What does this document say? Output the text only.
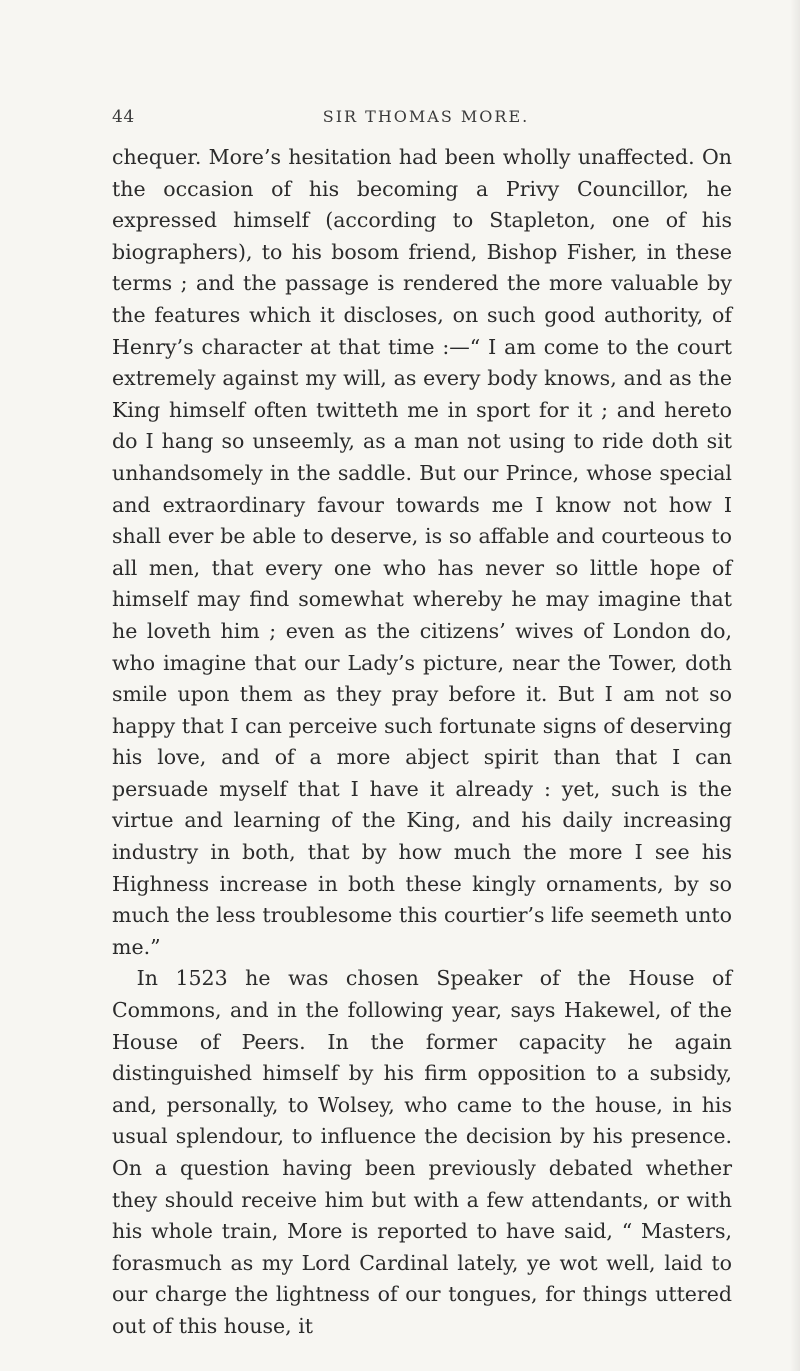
44	SIR THOMAS MORE.

chequer. More’s hesitation had been wholly unaffected. On the occasion of his becoming a Privy Councillor, he expressed himself (according to Stapleton, one of his biographers), to his bosom friend, Bishop Fisher, in these terms ; and the passage is rendered the more valuable by the features which it discloses, on such good authority, of Henry’s character at that time :—“ I am come to the court extremely against my will, as every body knows, and as the King himself often twitteth me in sport for it ; and hereto do I hang so unseemly, as a man not using to ride doth sit unhandsomely in the saddle. But our Prince, whose special and extraordinary favour towards me I know not how I shall ever be able to deserve, is so affable and courteous to all men, that every one who has never so little hope of himself may find somewhat whereby he may imagine that he loveth him ; even as the citizens’ wives of London do, who imagine that our Lady’s picture, near the Tower, doth smile upon them as they pray before it. But I am not so happy that I can perceive such fortunate signs of deserving his love, and of a more abject spirit than that I can persuade myself that I have it already : yet, such is the virtue and learning of the King, and his daily increasing industry in both, that by how much the more I see his Highness increase in both these kingly ornaments, by so much the less troublesome this courtier’s life seemeth unto me.”

In 1523 he was chosen Speaker of the House of Commons, and in the following year, says Hakewel, of the House of Peers. In the former capacity he again distinguished himself by his firm opposition to a subsidy, and, personally, to Wolsey, who came to the house, in his usual splendour, to influence the decision by his presence. On a question having been previously debated whether they should receive him but with a few attendants, or with his whole train, More is reported to have said, “ Masters, forasmuch as my Lord Cardinal lately, ye wot well, laid to our charge the lightness of our tongues, for things uttered out of this house, it
